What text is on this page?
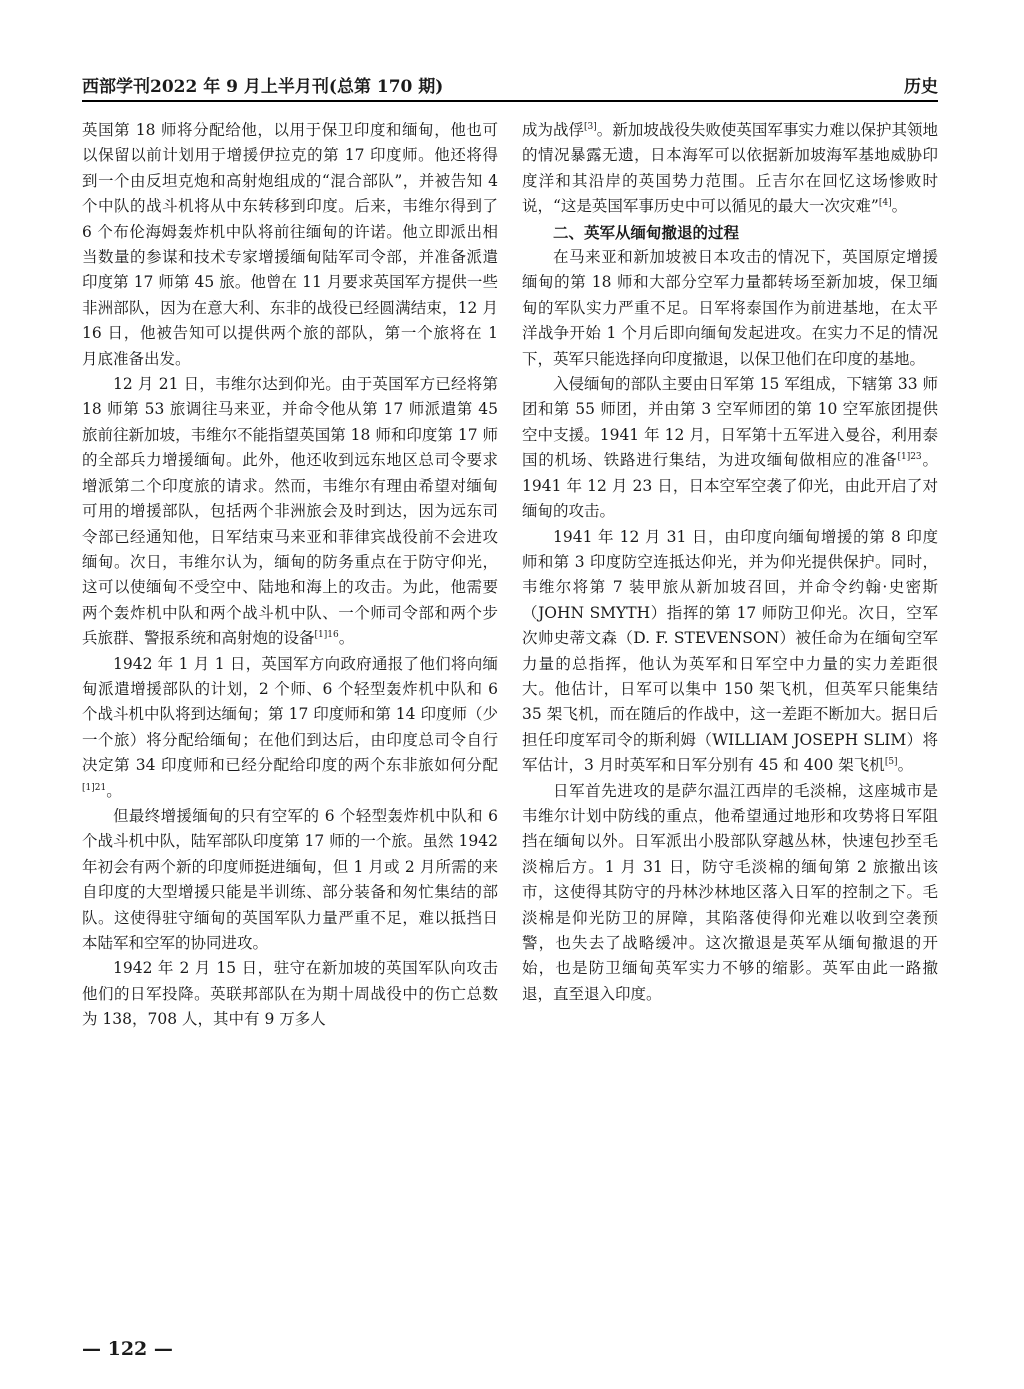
西部学刊2022 年 9 月上半月刊(总第 170 期)	历史

英国第 18 师将分配给他，以用于保卫印度和缅甸，他也可以保留以前计划用于增援伊拉克的第 17 印度师。他还将得到一个由反坦克炮和高射炮组成的“混合部队”，并被告知 4 个中队的战斗机将从中东转移到印度。后来，韦维尔得到了 6 个布伦海姆轰炸机中队将前往缅甸的许诺。他立即派出相当数量的参谋和技术专家增援缅甸陆军司令部，并准备派遣印度第 17 师第 45 旅。他曾在 11 月要求英国军方提供一些非洲部队，因为在意大利、东非的战役已经圆满结束，12 月 16 日，他被告知可以提供两个旅的部队，第一个旅将在 1 月底准备出发。

12 月 21 日，韦维尔达到仰光。由于英国军方已经将第 18 师第 53 旅调往马来亚，并命令他从第 17 师派遣第 45 旅前往新加坡，韦维尔不能指望英国第 18 师和印度第 17 师的全部兵力增援缅甸。此外，他还收到远东地区总司令要求增派第二个印度旅的请求。然而，韦维尔有理由希望对缅甸可用的增援部队，包括两个非洲旅会及时到达，因为远东司令部已经通知他，日军结束马来亚和菲律宾战役前不会进攻缅甸。次日，韦维尔认为，缅甸的防务重点在于防守仰光，这可以使缅甸不受空中、陆地和海上的攻击。为此，他需要两个轰炸机中队和两个战斗机中队、一个师司令部和两个步兵旅群、警报系统和高射炮的设备$^{[1]16}$。

1942 年 1 月 1 日，英国军方向政府通报了他们将向缅甸派遣增援部队的计划，2 个师、6 个轻型轰炸机中队和 6 个战斗机中队将到达缅甸；第 17 印度师和第 14 印度师（少一个旅）将分配给缅甸；在他们到达后，由印度总司令自行决定第 34 印度师和已经分配给印度的两个东非旅如何分配$^{[1]21}$。

但最终增援缅甸的只有空军的 6 个轻型轰炸机中队和 6 个战斗机中队，陆军部队印度第 17 师的一个旅。虽然 1942 年初会有两个新的印度师挺进缅甸，但 1 月或 2 月所需的来自印度的大型增援只能是半训练、部分装备和匆忙集结的部队。这使得驻守缅甸的英国军队力量严重不足，难以抵挡日本陆军和空军的协同进攻。

1942 年 2 月 15 日，驻守在新加坡的英国军队向攻击他们的日军投降。英联邦部队在为期十周战役中的伤亡总数为 138，708 人，其中有 9 万多人

成为战俘[3]。新加坡战役失败使英国军事实力难以保护其领地的情况暴露无遗，日本海军可以依据新加坡海军基地威胁印度洋和其沿岸的英国势力范围。丘吉尔在回忆这场惨败时说，“这是英国军事历史中可以循见的最大一次灾难”[4]。

二、英军从缅甸撤退的过程

在马来亚和新加坡被日本攻击的情况下，英国原定增援缅甸的第 18 师和大部分空军力量都转场至新加坡，保卫缅甸的军队实力严重不足。日军将泰国作为前进基地，在太平洋战争开始 1 个月后即向缅甸发起进攻。在实力不足的情况下，英军只能选择向印度撤退，以保卫他们在印度的基地。

入侵缅甸的部队主要由日军第 15 军组成，下辖第 33 师团和第 55 师团，并由第 3 空军师团的第 10 空军旅团提供空中支援。1941 年 12 月，日军第十五军进入曼谷，利用泰国的机场、铁路进行集结，为进攻缅甸做相应的准备$^{[1]23}$。1941 年 12 月 23 日，日本空军空袭了仰光，由此开启了对缅甸的攻击。

1941 年 12 月 31 日，由印度向缅甸增援的第 8 印度师和第 3 印度防空连抵达仰光，并为仰光提供保护。同时，韦维尔将第 7 装甲旅从新加坡召回，并命令约翰·史密斯（JOHN SMYTH）指挥的第 17 师防卫仰光。次日，空军次帅史蒂文森（D. F. STEVENSON）被任命为在缅甸空军力量的总指挥，他认为英军和日军空中力量的实力差距很大。他估计，日军可以集中 150 架飞机，但英军只能集结 35 架飞机，而在随后的作战中，这一差距不断加大。据日后担任印度军司令的斯利姆（WILLIAM JOSEPH SLIM）将军估计，3 月时英军和日军分别有 45 和 400 架飞机[5]。

日军首先进攻的是萨尔温江西岸的毛淡棉，这座城市是韦维尔计划中防线的重点，他希望通过地形和攻势将日军阻挡在缅甸以外。日军派出小股部队穿越丛林，快速包抄至毛淡棉后方。1 月 31 日，防守毛淡棉的缅甸第 2 旅撤出该市，这使得其防守的丹林沙林地区落入日军的控制之下。毛淡棉是仰光防卫的屏障，其陷落使得仰光难以收到空袭预警，也失去了战略缓冲。这次撤退是英军从缅甸撤退的开始，也是防卫缅甸英军实力不够的缩影。英军由此一路撤退，直至退入印度。

— 122 —
